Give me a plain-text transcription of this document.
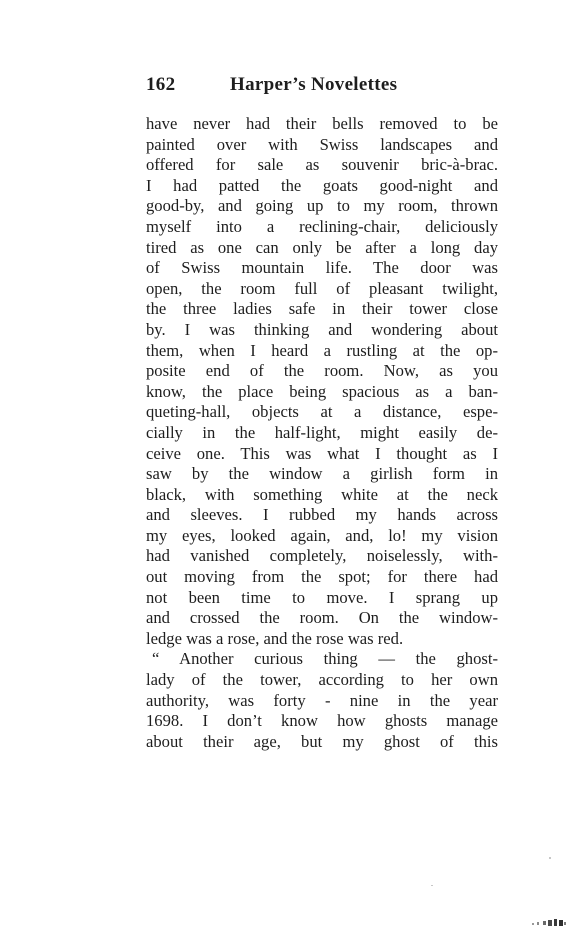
162	Harper’s Novelettes
have never had their bells removed to be
painted over with Swiss landscapes and
offered for sale as souvenir bric-à-brac.
I had patted the goats good-night and
good-by, and going up to my room, thrown
myself into a reclining-chair, deliciously
tired as one can only be after a long day
of Swiss mountain life. The door was
open, the room full of pleasant twilight,
the three ladies safe in their tower close
by. I was thinking and wondering about
them, when I heard a rustling at the op-
posite end of the room. Now, as you
know, the place being spacious as a ban-
queting-hall, objects at a distance, espe-
cially in the half-light, might easily de-
ceive one. This was what I thought as I
saw by the window a girlish form in
black, with something white at the neck
and sleeves. I rubbed my hands across
my eyes, looked again, and, lo! my vision
had vanished completely, noiselessly, with-
out moving from the spot; for there had
not been time to move. I sprang up
and crossed the room. On the window-
ledge was a rose, and the rose was red.
“ Another curious thing — the ghost-
lady of the tower, according to her own
authority, was forty - nine in the year
1698. I don’t know how ghosts manage
about their age, but my ghost of this
